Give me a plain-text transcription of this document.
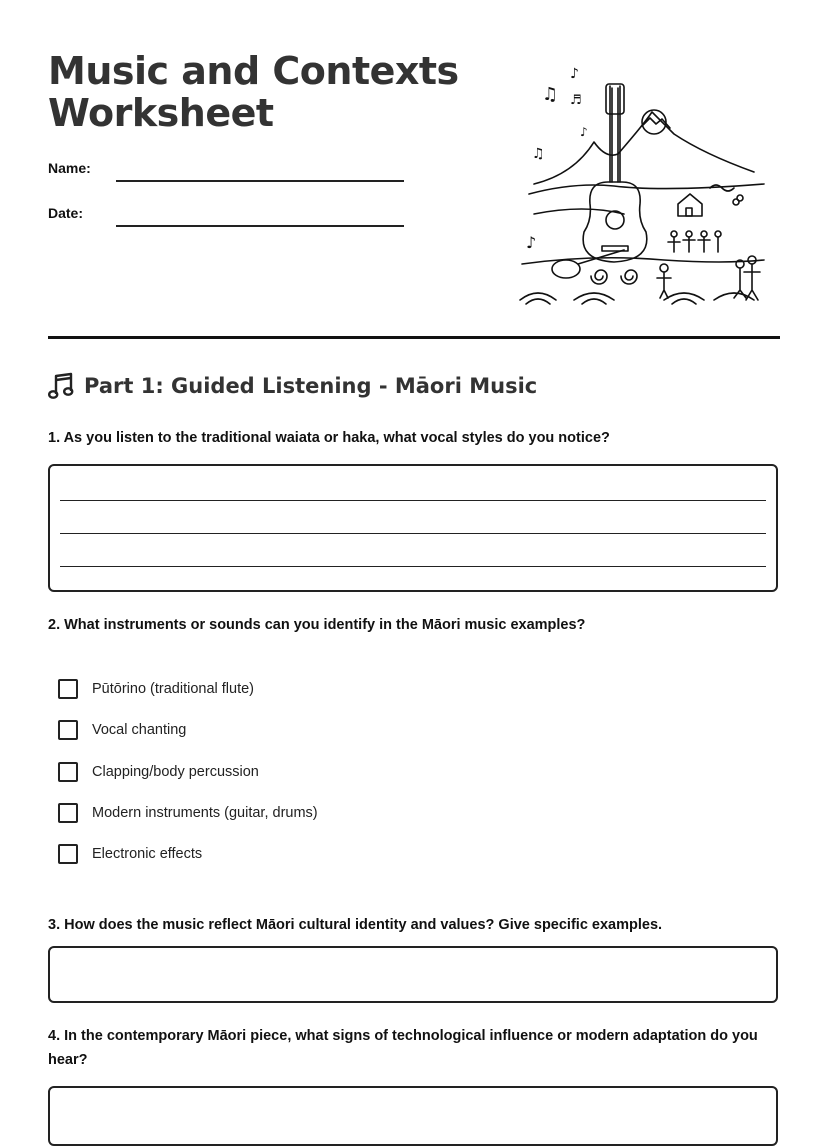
Music and Contexts
Worksheet
Name:
Date:
♫
♪
♬
♪
♫
♪
Part 1: Guided Listening - Māori Music

1. As you listen to the traditional waiata or haka, what vocal styles do you notice?

2. What instruments or sounds can you identify in the Māori music examples?

Pūtōrino (traditional flute)
Vocal chanting
Clapping/body percussion
Modern instruments (guitar, drums)
Electronic effects

3. How does the music reflect Māori cultural identity and values? Give specific examples.

4. In the contemporary Māori piece, what signs of technological influence or modern adaptation do you hear?
